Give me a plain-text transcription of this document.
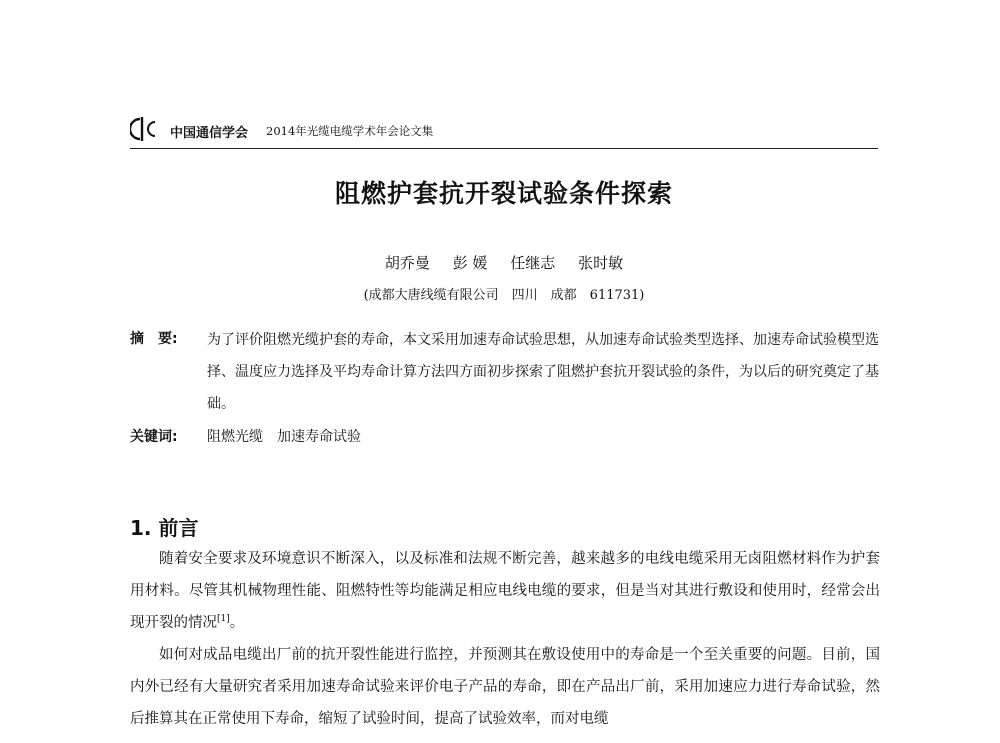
中国通信学会 2014年光缆电缆学术年会论文集
阻燃护套抗开裂试验条件探索
胡乔曼 彭 媛 任继志 张时敏
(成都大唐线缆有限公司　四川　成都　611731)
摘　要: 为了评价阻燃光缆护套的寿命，本文采用加速寿命试验思想，从加速寿命试验类型选择、加速寿命试验模型选择、温度应力选择及平均寿命计算方法四方面初步探索了阻燃护套抗开裂试验的条件，为以后的研究奠定了基础。
关键词: 阻燃光缆　加速寿命试验
1. 前言

随着安全要求及环境意识不断深入，以及标准和法规不断完善，越来越多的电线电缆采用无卤阻燃材料作为护套用材料。尽管其机械物理性能、阻燃特性等均能满足相应电线电缆的要求，但是当对其进行敷设和使用时，经常会出现开裂的情况[1]。

如何对成品电缆出厂前的抗开裂性能进行监控，并预测其在敷设使用中的寿命是一个至关重要的问题。目前，国内外已经有大量研究者采用加速寿命试验来评价电子产品的寿命，即在产品出厂前，采用加速应力进行寿命试验，然后推算其在正常使用下寿命，缩短了试验时间，提高了试验效率，而对电缆
